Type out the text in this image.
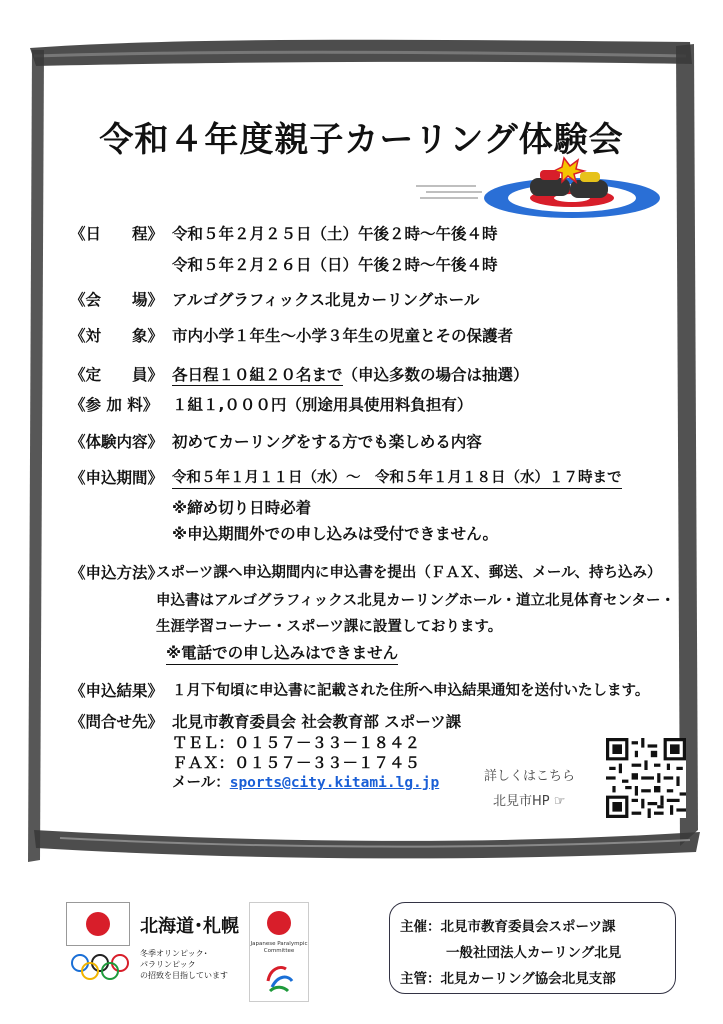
令和４年度親子カーリング体験会
《日　　程》 令和５年２月２５日（土）午後２時～午後４時
令和５年２月２６日（日）午後２時～午後４時
《会　　場》 アルゴグラフィックス北見カーリングホール
《対　　象》 市内小学１年生～小学３年生の児童とその保護者
《定　　員》 各日程１０組２０名まで（申込多数の場合は抽選）
《参 加 料》 １組１,０００円（別途用具使用料負担有）
《体験内容》 初めてカーリングをする方でも楽しめる内容
《申込期間》 令和５年１月１１日（水）～　令和５年１月１８日（水）１７時まで
※締め切り日時必着
※申込期間外での申し込みは受付できません。
《申込方法》
スポーツ課へ申込期間内に申込書を提出（ＦＡＸ、郵送、メール、持ち込み）
申込書はアルゴグラフィックス北見カーリングホール・道立北見体育センター・
生涯学習コーナー・スポーツ課に設置しております。
※電話での申し込みはできません
《申込結果》 １月下旬頃に申込書に記載された住所へ申込結果通知を送付いたします。
《問合せ先》 北見市教育委員会 社会教育部 スポーツ課
ＴＥＬ：０１５７－３３－１８４２
ＦＡＸ：０１５７－３３－１７４５
メール：sports@city.kitami.lg.jp	詳しくはこちら
北見市HP ☞
北海道･札幌
冬季オリンピック･
パラリンピック
の招致を目指しています
Japanese Paralympic
Committee
主催：北見市教育委員会スポーツ課
一般社団法人カーリング北見
主管：北見カーリング協会北見支部
